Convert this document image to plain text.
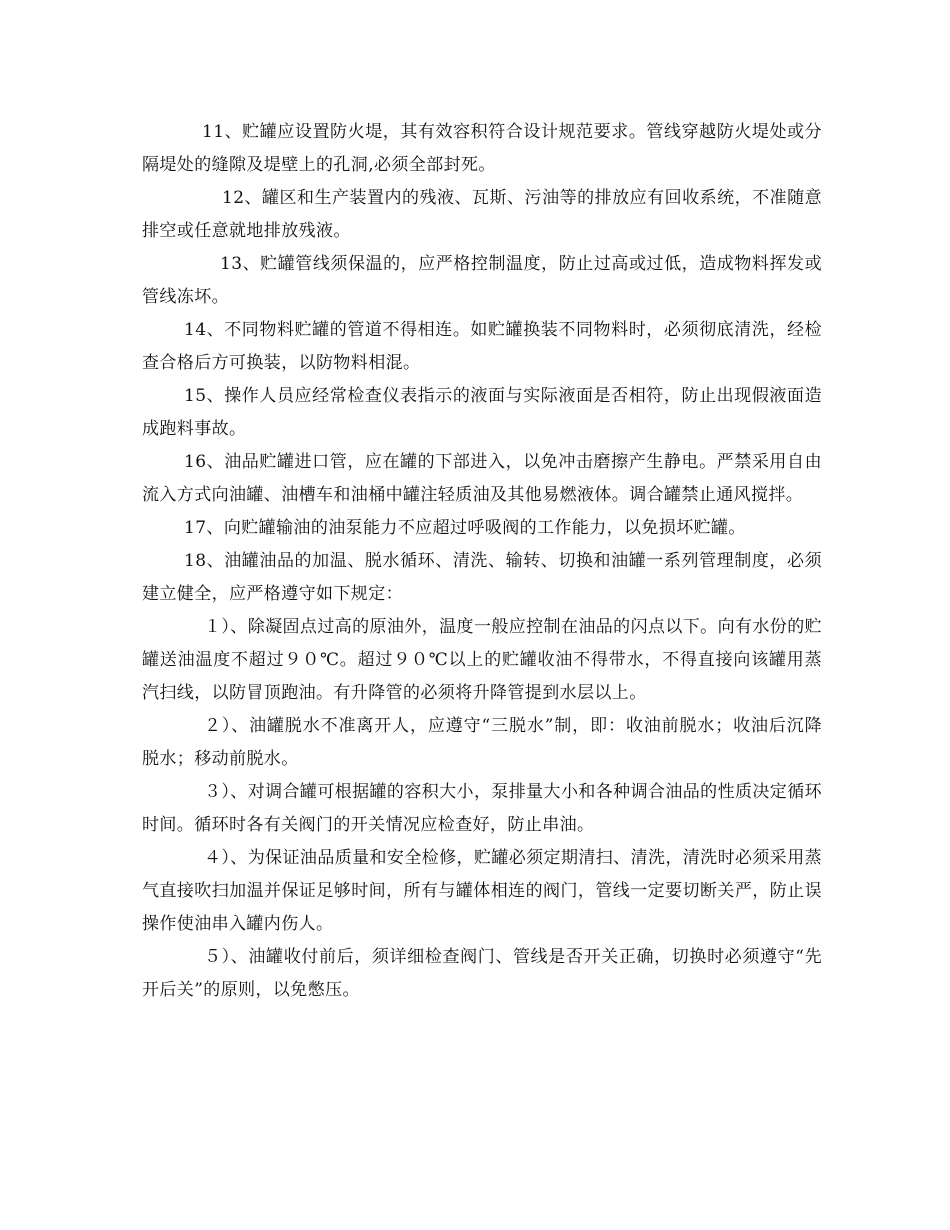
11、贮罐应设置防火堤，其有效容积符合设计规范要求。管线穿越防火堤处或分隔堤处的缝隙及堤壁上的孔洞,必须全部封死。

12、罐区和生产装置内的残液、瓦斯、污油等的排放应有回收系统，不准随意排空或任意就地排放残液。

13、贮罐管线须保温的，应严格控制温度，防止过高或过低，造成物料挥发或管线冻坏。

14、不同物料贮罐的管道不得相连。如贮罐换装不同物料时，必须彻底清洗，经检查合格后方可换装，以防物料相混。

15、操作人员应经常检查仪表指示的液面与实际液面是否相符，防止出现假液面造成跑料事故。

16、油品贮罐进口管，应在罐的下部进入，以免冲击磨擦产生静电。严禁采用自由流入方式向油罐、油槽车和油桶中罐注轻质油及其他易燃液体。调合罐禁止通风搅拌。

17、向贮罐输油的油泵能力不应超过呼吸阀的工作能力，以免损坏贮罐。

18、油罐油品的加温、脱水循环、清洗、输转、切换和油罐一系列管理制度，必须建立健全，应严格遵守如下规定：

１）、除凝固点过高的原油外，温度一般应控制在油品的闪点以下。向有水份的贮罐送油温度不超过９０℃。超过９０℃以上的贮罐收油不得带水，不得直接向该罐用蒸汽扫线，以防冒顶跑油。有升降管的必须将升降管提到水层以上。

２）、油罐脱水不准离开人，应遵守“三脱水”制，即：收油前脱水；收油后沉降脱水；移动前脱水。

３）、对调合罐可根据罐的容积大小，泵排量大小和各种调合油品的性质决定循环时间。循环时各有关阀门的开关情况应检查好，防止串油。

４）、为保证油品质量和安全检修，贮罐必须定期清扫、清洗，清洗时必须采用蒸气直接吹扫加温并保证足够时间，所有与罐体相连的阀门，管线一定要切断关严，防止误操作使油串入罐内伤人。

５）、油罐收付前后，须详细检查阀门、管线是否开关正确，切换时必须遵守“先开后关”的原则，以免憋压。
